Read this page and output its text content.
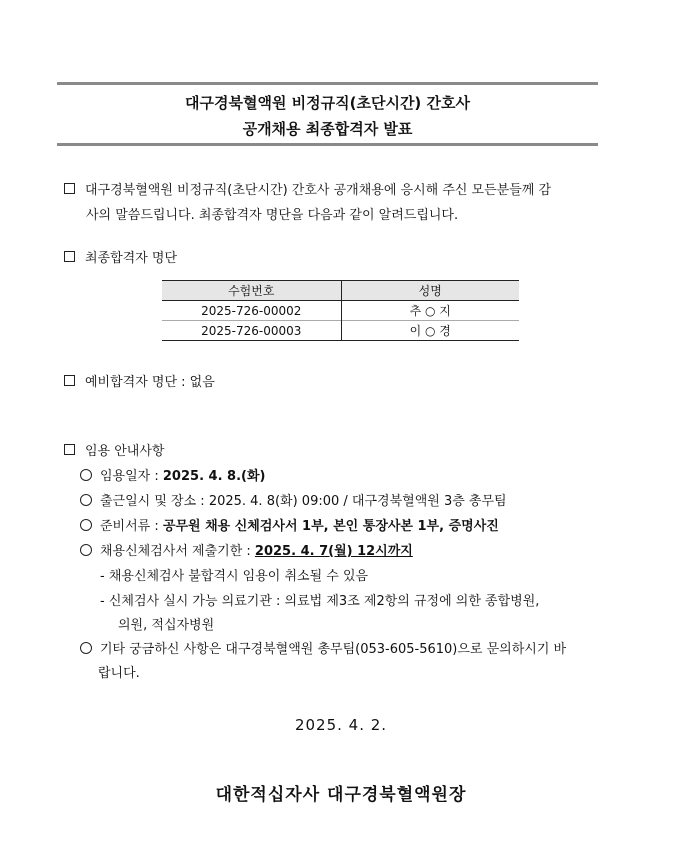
대구경북혈액원 비정규직(초단시간) 간호사
공개채용 최종합격자 발표
대구경북혈액원 비정규직(초단시간) 간호사 공개채용에 응시해 주신 모든분들께 감
사의 말씀드립니다. 최종합격자 명단을 다음과 같이 알려드립니다.
최종합격자 명단
수험번호	성명
2025-726-00002	추 ○ 지
2025-726-00003	이 ○ 경
예비합격자 명단 : 없음
임용 안내사항
임용일자 : 2025. 4. 8.(화)
출근일시 및 장소 : 2025. 4. 8(화) 09:00 / 대구경북혈액원 3층 총무팀
준비서류 : 공무원 채용 신체검사서 1부, 본인 통장사본 1부, 증명사진
채용신체검사서 제출기한 : 2025. 4. 7(월) 12시까지
- 채용신체검사 불합격시 임용이 취소될 수 있음
- 신체검사 실시 가능 의료기관 : 의료법 제3조 제2항의 규정에 의한 종합병원,
의원, 적십자병원
기타 궁금하신 사항은 대구경북혈액원 총무팀(053-605-5610)으로 문의하시기 바
랍니다.
2025. 4. 2.
대한적십자사 대구경북혈액원장
